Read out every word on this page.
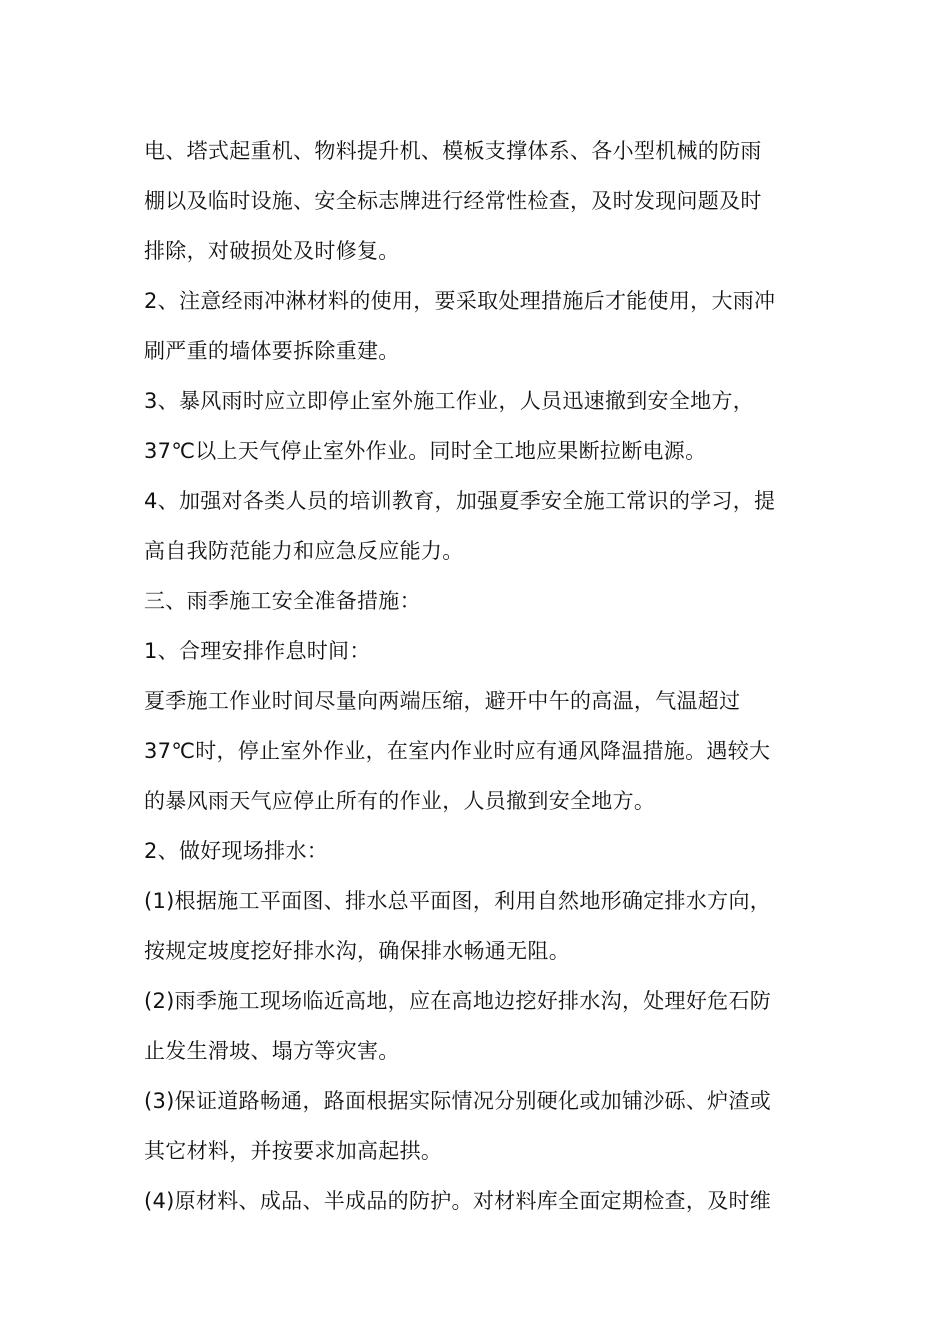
电、塔式起重机、物料提升机、模板支撑体系、各小型机械的防雨
棚以及临时设施、安全标志牌进行经常性检查，及时发现问题及时
排除，对破损处及时修复。
2、注意经雨冲淋材料的使用，要采取处理措施后才能使用，大雨冲
刷严重的墙体要拆除重建。
3、暴风雨时应立即停止室外施工作业，人员迅速撤到安全地方，
37℃以上天气停止室外作业。同时全工地应果断拉断电源。
4、加强对各类人员的培训教育，加强夏季安全施工常识的学习，提
高自我防范能力和应急反应能力。
三、雨季施工安全准备措施：
1、合理安排作息时间：
夏季施工作业时间尽量向两端压缩，避开中午的高温，气温超过
37℃时，停止室外作业，在室内作业时应有通风降温措施。遇较大
的暴风雨天气应停止所有的作业，人员撤到安全地方。
2、做好现场排水：
(1)根据施工平面图、排水总平面图，利用自然地形确定排水方向，
按规定坡度挖好排水沟，确保排水畅通无阻。
(2)雨季施工现场临近高地，应在高地边挖好排水沟，处理好危石防
止发生滑坡、塌方等灾害。
(3)保证道路畅通，路面根据实际情况分别硬化或加铺沙砾、炉渣或
其它材料，并按要求加高起拱。
(4)原材料、成品、半成品的防护。对材料库全面定期检查，及时维
